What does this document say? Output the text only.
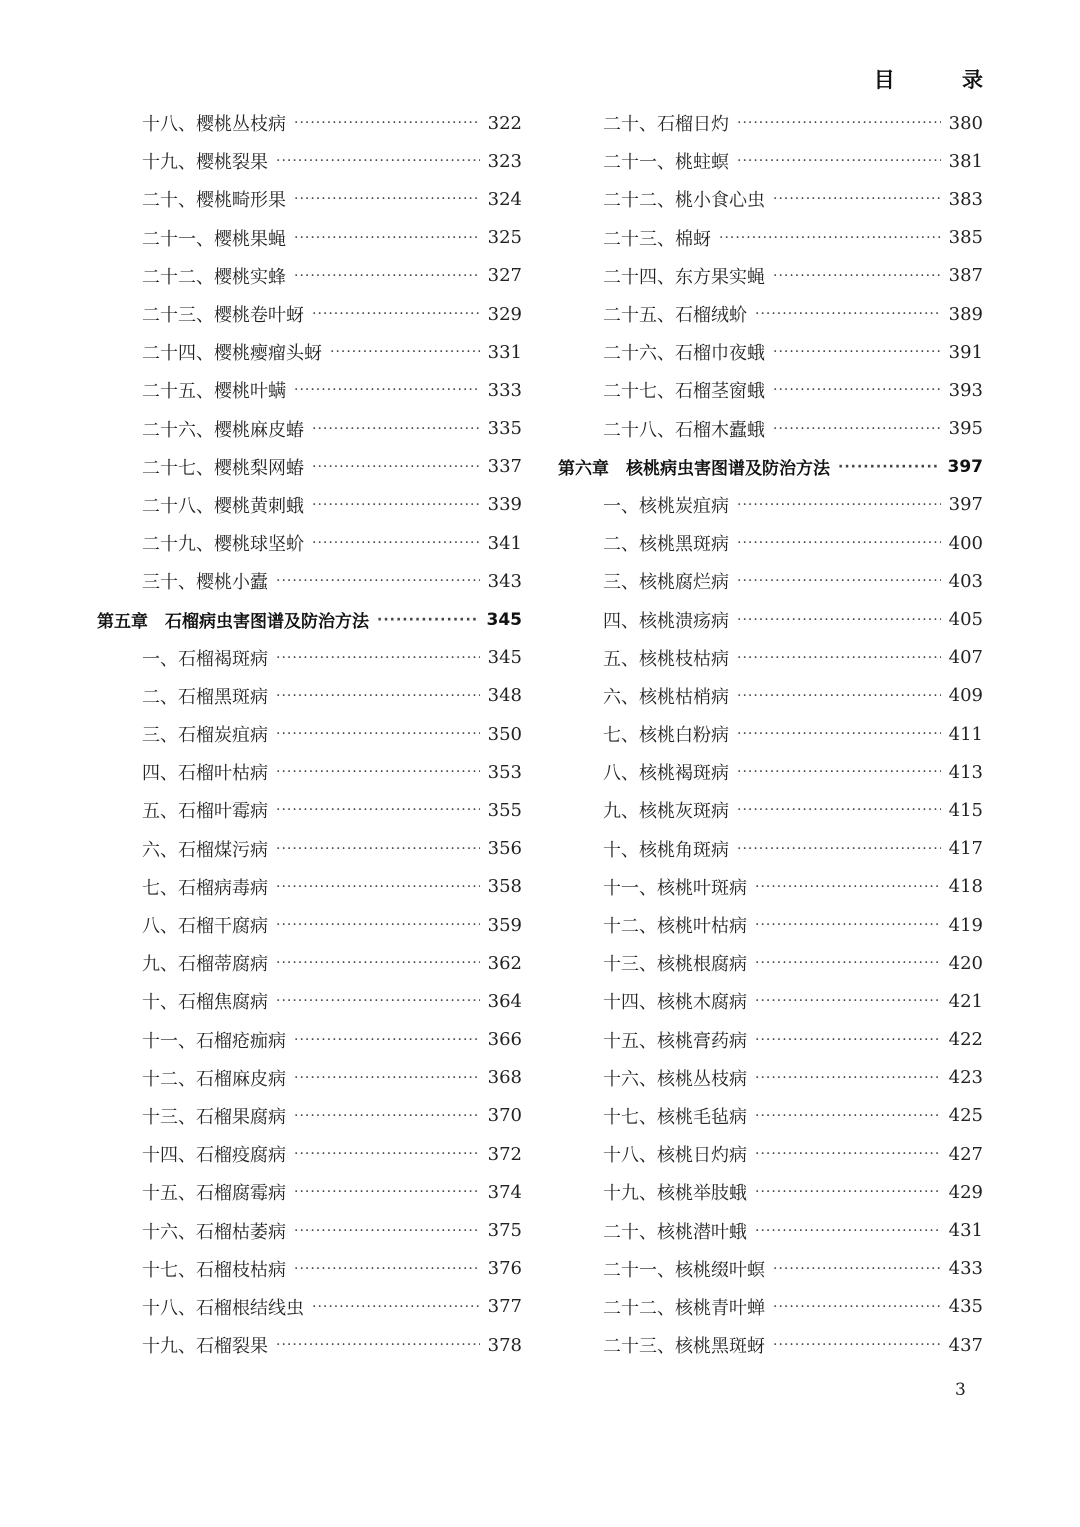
目 录
十八、樱桃丛枝病 ·····	322
十九、樱桃裂果 ·····	323
二十、樱桃畸形果 ·····	324
二十一、樱桃果蝇 ·····	325
二十二、樱桃实蜂 ·····	327
二十三、樱桃卷叶蚜 ·····	329
二十四、樱桃瘿瘤头蚜 ·····	331
二十五、樱桃叶螨 ·····	333
二十六、樱桃麻皮蝽 ·····	335
二十七、樱桃梨网蝽 ·····	337
二十八、樱桃黄刺蛾 ·····	339
二十九、樱桃球坚蚧 ·····	341
三十、樱桃小蠹 ·····	343
第五章　石榴病虫害图谱及防治方法 ·····	345
一、石榴褐斑病 ·····	345
二、石榴黑斑病 ·····	348
三、石榴炭疽病 ·····	350
四、石榴叶枯病 ·····	353
五、石榴叶霉病 ·····	355
六、石榴煤污病 ·····	356
七、石榴病毒病 ·····	358
八、石榴干腐病 ·····	359
九、石榴蒂腐病 ·····	362
十、石榴焦腐病 ·····	364
十一、石榴疮痂病 ·····	366
十二、石榴麻皮病 ·····	368
十三、石榴果腐病 ·····	370
十四、石榴疫腐病 ·····	372
十五、石榴腐霉病 ·····	374
十六、石榴枯萎病 ·····	375
十七、石榴枝枯病 ·····	376
十八、石榴根结线虫 ·····	377
十九、石榴裂果 ·····	378
二十、石榴日灼 ·····	380
二十一、桃蛀螟 ·····	381
二十二、桃小食心虫 ·····	383
二十三、棉蚜 ·····	385
二十四、东方果实蝇 ·····	387
二十五、石榴绒蚧 ·····	389
二十六、石榴巾夜蛾 ·····	391
二十七、石榴茎窗蛾 ·····	393
二十八、石榴木蠹蛾 ·····	395
第六章　核桃病虫害图谱及防治方法 ·····	397
一、核桃炭疽病 ·····	397
二、核桃黑斑病 ·····	400
三、核桃腐烂病 ·····	403
四、核桃溃疡病 ·····	405
五、核桃枝枯病 ·····	407
六、核桃枯梢病 ·····	409
七、核桃白粉病 ·····	411
八、核桃褐斑病 ·····	413
九、核桃灰斑病 ·····	415
十、核桃角斑病 ·····	417
十一、核桃叶斑病 ·····	418
十二、核桃叶枯病 ·····	419
十三、核桃根腐病 ·····	420
十四、核桃木腐病 ·····	421
十五、核桃膏药病 ·····	422
十六、核桃丛枝病 ·····	423
十七、核桃毛毡病 ·····	425
十八、核桃日灼病 ·····	427
十九、核桃举肢蛾 ·····	429
二十、核桃潜叶蛾 ·····	431
二十一、核桃缀叶螟 ·····	433
二十二、核桃青叶蝉 ·····	435
二十三、核桃黑斑蚜 ·····	437
3
